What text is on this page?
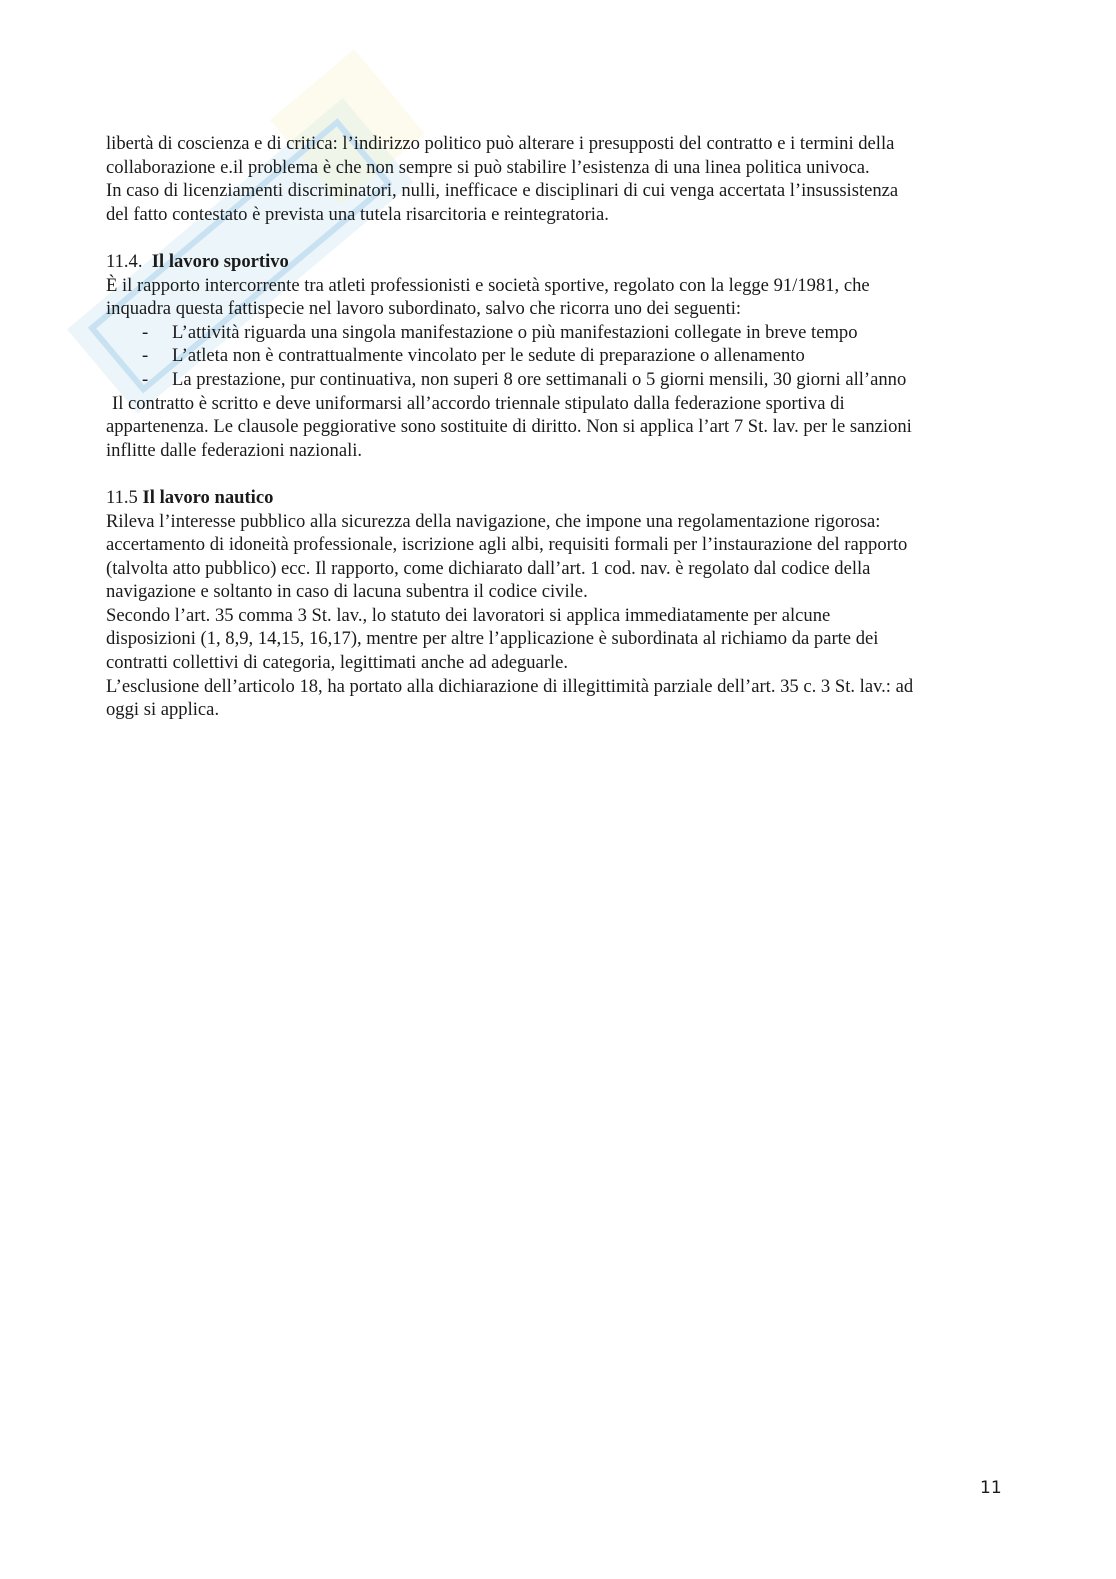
libertà di coscienza e di critica: l’indirizzo politico può alterare i presupposti del contratto e i termini della

collaborazione e.il problema è che non sempre si può stabilire l’esistenza di una linea politica univoca.

In caso di licenziamenti discriminatori, nulli, inefficace e disciplinari di cui venga accertata l’insussistenza

del fatto contestato è prevista una tutela risarcitoria e reintegratoria.

11.4. Il lavoro sportivo

È il rapporto intercorrente tra atleti professionisti e società sportive, regolato con la legge 91/1981, che

inquadra questa fattispecie nel lavoro subordinato, salvo che ricorra uno dei seguenti:

- L’attività riguarda una singola manifestazione o più manifestazioni collegate in breve tempo
- L’atleta non è contrattualmente vincolato per le sedute di preparazione o allenamento
- La prestazione, pur continuativa, non superi 8 ore settimanali o 5 giorni mensili, 30 giorni all’anno

Il contratto è scritto e deve uniformarsi all’accordo triennale stipulato dalla federazione sportiva di

appartenenza. Le clausole peggiorative sono sostituite di diritto. Non si applica l’art 7 St. lav. per le sanzioni

inflitte dalle federazioni nazionali.

11.5 Il lavoro nautico

Rileva l’interesse pubblico alla sicurezza della navigazione, che impone una regolamentazione rigorosa:

accertamento di idoneità professionale, iscrizione agli albi, requisiti formali per l’instaurazione del rapporto

(talvolta atto pubblico) ecc. Il rapporto, come dichiarato dall’art. 1 cod. nav. è regolato dal codice della

navigazione e soltanto in caso di lacuna subentra il codice civile.

Secondo l’art. 35 comma 3 St. lav., lo statuto dei lavoratori si applica immediatamente per alcune

disposizioni (1, 8,9, 14,15, 16,17), mentre per altre l’applicazione è subordinata al richiamo da parte dei

contratti collettivi di categoria, legittimati anche ad adeguarle.

L’esclusione dell’articolo 18, ha portato alla dichiarazione di illegittimità parziale dell’art. 35 c. 3 St. lav.: ad

oggi si applica.

11
